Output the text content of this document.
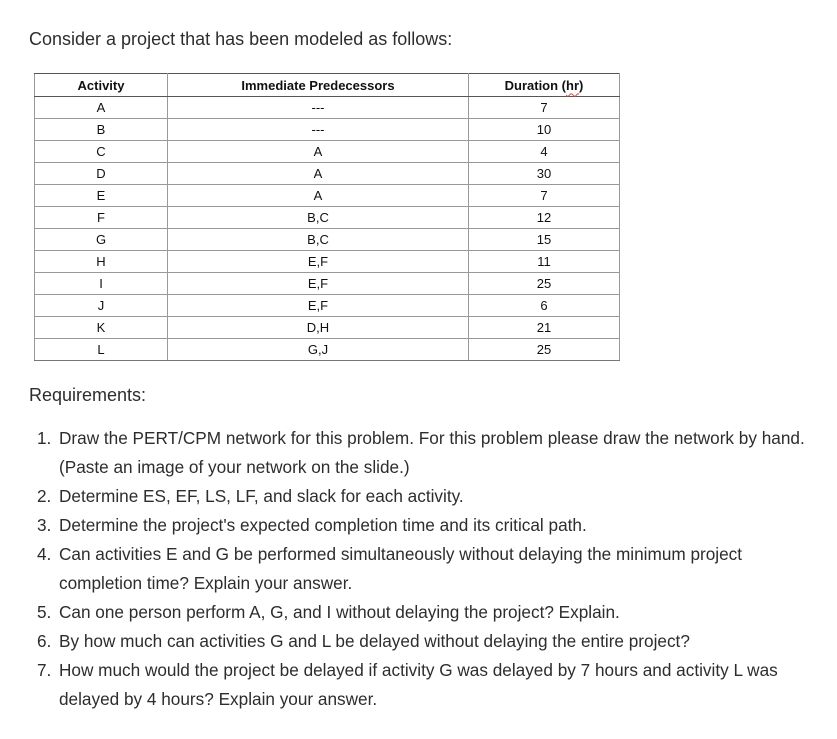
Consider a project that has been modeled as follows:
Activity	Immediate Predecessors	Duration (hr)
A	---	7
B	---	10
C	A	4
D	A	30
E	A	7
F	B,C	12
G	B,C	15
H	E,F	11
I	E,F	25
J	E,F	6
K	D,H	21
L	G,J	25
Requirements:
1. Draw the PERT/CPM network for this problem. For this problem please draw the network by hand. (Paste an image of your network on the slide.)
2. Determine ES, EF, LS, LF, and slack for each activity.
3. Determine the project's expected completion time and its critical path.
4. Can activities E and G be performed simultaneously without delaying the minimum project completion time? Explain your answer.
5. Can one person perform A, G, and I without delaying the project? Explain.
6. By how much can activities G and L be delayed without delaying the entire project?
7. How much would the project be delayed if activity G was delayed by 7 hours and activity L was delayed by 4 hours? Explain your answer.
